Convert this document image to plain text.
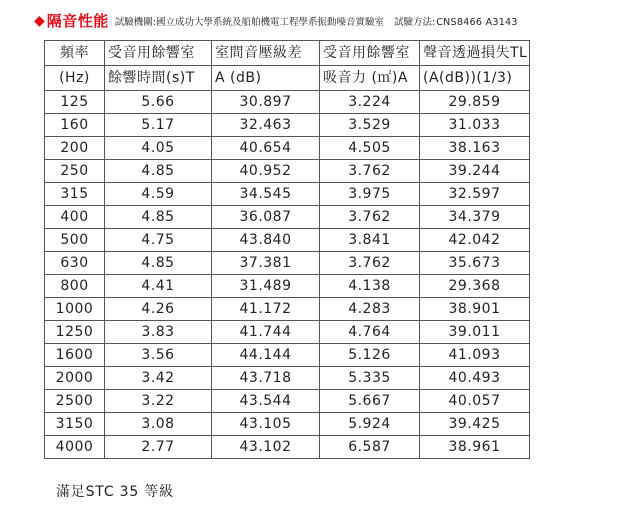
◆ 隔音性能 試驗機關:國立成功大學系統及船舶機電工程學系振動噪音實驗室 試驗方法:CNS8466 A3143
頻率	受音用餘響室	室間音壓級差	受音用餘響室	聲音透過損失TL
(Hz)	餘響時間(s)T	A (dB)	吸音力 (㎡)A	(A(dB))(1/3)
125	5.66	30.897	3.224	29.859
160	5.17	32.463	3.529	31.033
200	4.05	40.654	4.505	38.163
250	4.85	40.952	3.762	39.244
315	4.59	34.545	3.975	32.597
400	4.85	36.087	3.762	34.379
500	4.75	43.840	3.841	42.042
630	4.85	37.381	3.762	35.673
800	4.41	31.489	4.138	29.368
1000	4.26	41.172	4.283	38.901
1250	3.83	41.744	4.764	39.011
1600	3.56	44.144	5.126	41.093
2000	3.42	43.718	5.335	40.493
2500	3.22	43.544	5.667	40.057
3150	3.08	43.105	5.924	39.425
4000	2.77	43.102	6.587	38.961
滿足STC 35 等級
